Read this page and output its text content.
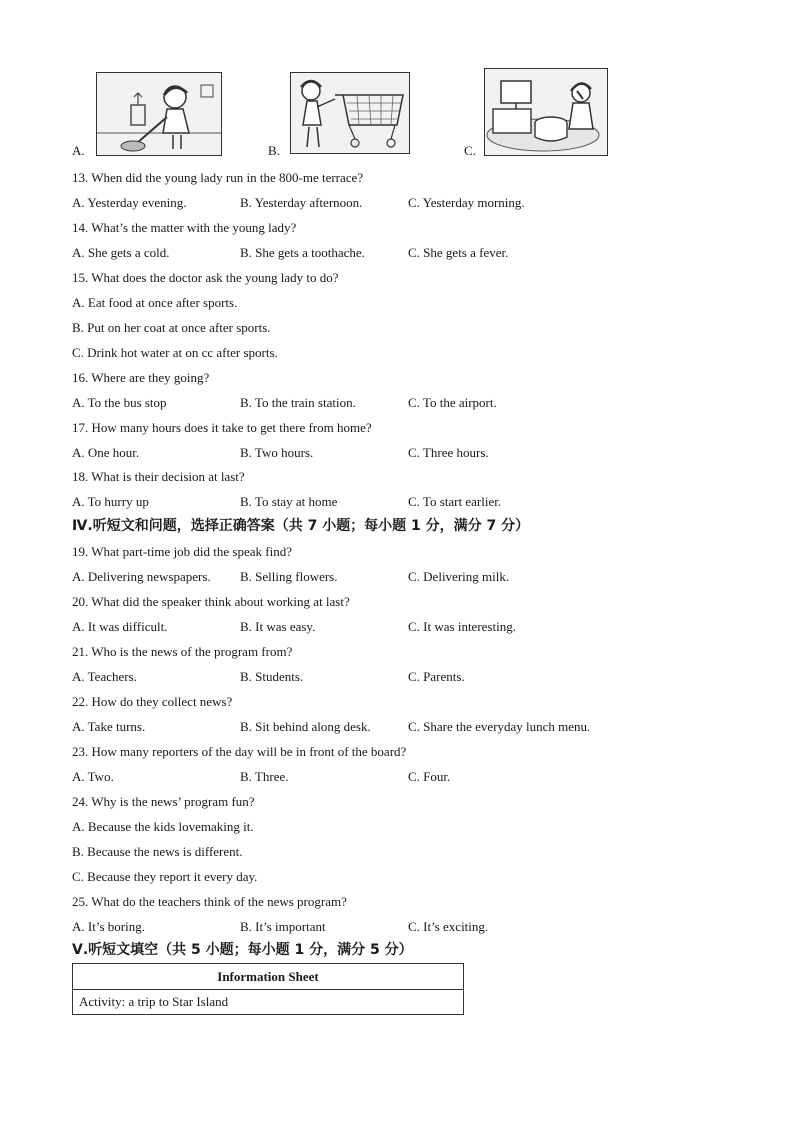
A.	B.	C.
13. When did the young lady run in the 800-me terrace?
A. Yesterday evening.	B. Yesterday afternoon.	C. Yesterday morning.
14. What’s the matter with the young lady?
A. She gets a cold.	B. She gets a toothache.	C. She gets a fever.
15. What does the doctor ask the young lady to do?
A. Eat food at once after sports.
B. Put on her coat at once after sports.
C. Drink hot water at on cc after sports.
16. Where are they going?
A. To the bus stop	B. To the train station.	C. To the airport.
17. How many hours does it take to get there from home?
A. One hour.	B. Two hours.	C. Three hours.
18. What is their decision at last?
A. To hurry up	B. To stay at home	C. To start earlier.
Ⅳ.听短文和问题，选择正确答案（共 7 小题；每小题 1 分，满分 7 分）
19. What part-time job did the speak find?
A. Delivering newspapers. B. Selling flowers.	C. Delivering milk.
20. What did the speaker think about working at last?
A. It was difficult.	B. It was easy.	C. It was interesting.
21. Who is the news of the program from?
A. Teachers.	B. Students.	C. Parents.
22. How do they collect news?
A. Take turns.	B. Sit behind along desk.	C. Share the everyday lunch menu.
23. How many reporters of the day will be in front of the board?
A. Two.	B. Three.	C. Four.
24. Why is the news’ program fun?
A. Because the kids lovemaking it.
B. Because the news is different.
C. Because they report it every day.
25. What do the teachers think of the news program?
A. It’s boring.	B. It’s important	C. It’s exciting.
Ⅴ.听短文填空（共 5 小题；每小题 1 分，满分 5 分）
Information Sheet
Activity: a trip to Star Island
